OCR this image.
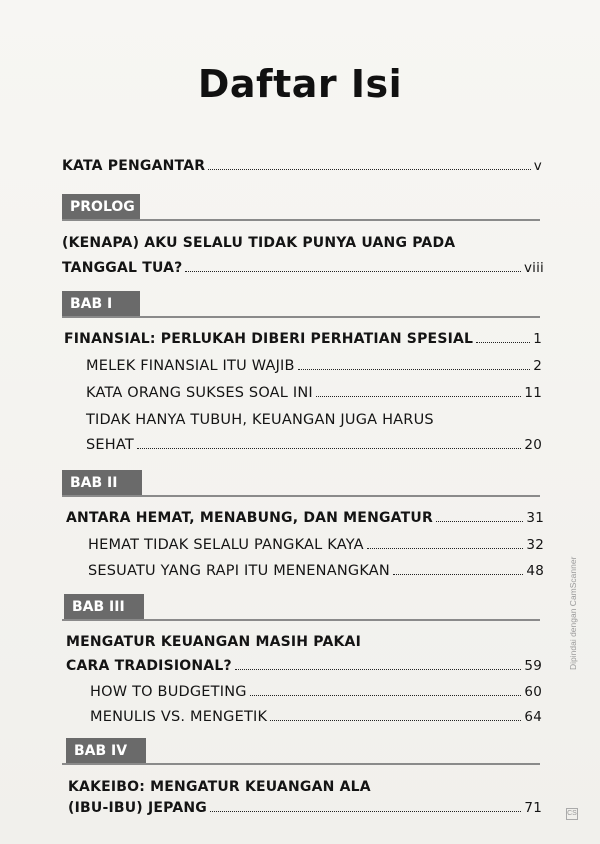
Daftar Isi
KATA PENGANTAR	v
PROLOG
(KENAPA) AKU SELALU TIDAK PUNYA UANG PADA
TANGGAL TUA?	viii
BAB I
FINANSIAL: PERLUKAH DIBERI PERHATIAN SPESIAL	1
MELEK FINANSIAL ITU WAJIB	2
KATA ORANG SUKSES SOAL INI	11
TIDAK HANYA TUBUH, KEUANGAN JUGA HARUS
SEHAT	20
BAB II
ANTARA HEMAT, MENABUNG, DAN MENGATUR	31
HEMAT TIDAK SELALU PANGKAL KAYA	32
SESUATU YANG RAPI ITU MENENANGKAN	48
BAB III
MENGATUR KEUANGAN MASIH PAKAI
CARA TRADISIONAL?	59
HOW TO BUDGETING	60
MENULIS VS. MENGETIK	64
BAB IV
KAKEIBO: MENGATUR KEUANGAN ALA
(IBU-IBU) JEPANG	71
Dipindai dengan CamScanner
CS
